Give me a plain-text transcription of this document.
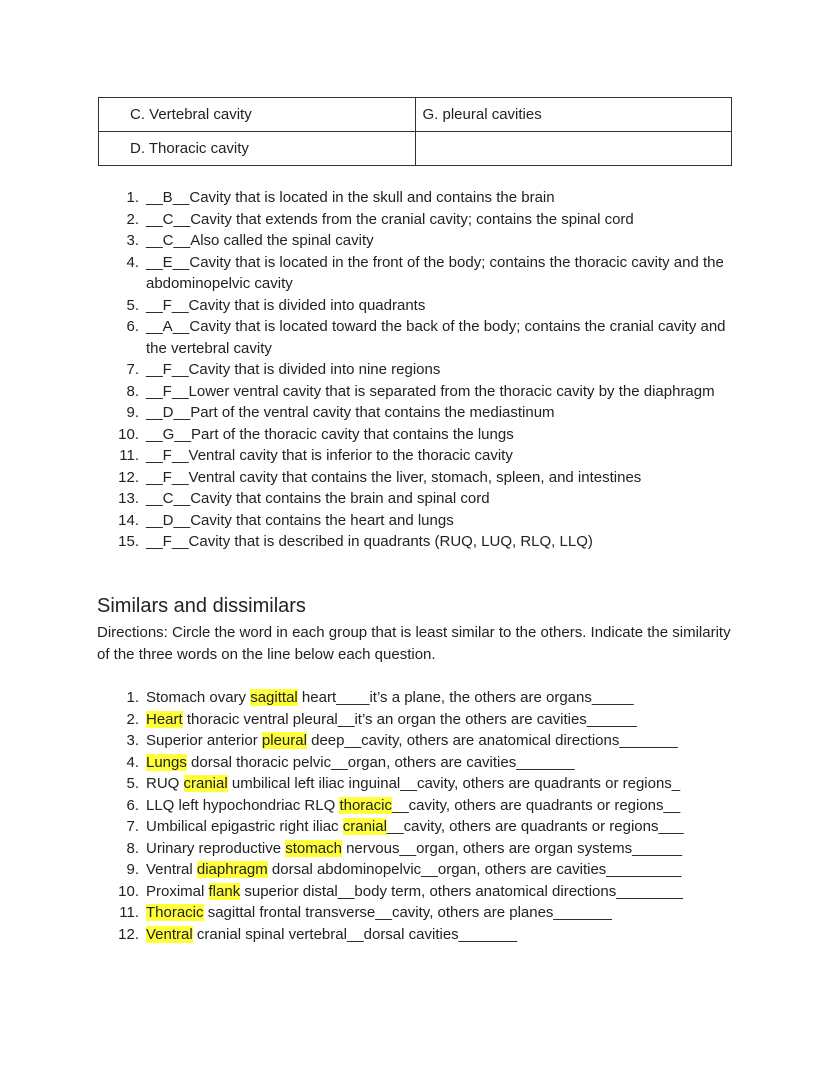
C. Vertebral cavity	G. pleural cavities
D. Thoracic cavity	
1. __B__Cavity that is located in the skull and contains the brain
2. __C__Cavity that extends from the cranial cavity; contains the spinal cord
3. __C__Also called the spinal cavity
4. __E__Cavity that is located in the front of the body; contains the thoracic cavity and the abdominopelvic cavity
5. __F__Cavity that is divided into quadrants
6. __A__Cavity that is located toward the back of the body; contains the cranial cavity and the vertebral cavity
7. __F__Cavity that is divided into nine regions
8. __F__Lower ventral cavity that is separated from the thoracic cavity by the diaphragm
9. __D__Part of the ventral cavity that contains the mediastinum
10. __G__Part of the thoracic cavity that contains the lungs
11. __F__Ventral cavity that is inferior to the thoracic cavity
12. __F__Ventral cavity that contains the liver, stomach, spleen, and intestines
13. __C__Cavity that contains the brain and spinal cord
14. __D__Cavity that contains the heart and lungs
15. __F__Cavity that is described in quadrants (RUQ, LUQ, RLQ, LLQ)
Similars and dissimilars

Directions: Circle the word in each group that is least similar to the others. Indicate the similarity of the three words on the line below each question.

1. Stomach ovary sagittal heart____it’s a plane, the others are organs_____
2. Heart thoracic ventral pleural__it’s an organ the others are cavities______
3. Superior anterior pleural deep__cavity, others are anatomical directions_______
4. Lungs dorsal thoracic pelvic__organ, others are cavities_______
5. RUQ cranial umbilical left iliac inguinal__cavity, others are quadrants or regions_
6. LLQ left hypochondriac RLQ thoracic__cavity, others are quadrants or regions__
7. Umbilical epigastric right iliac cranial__cavity, others are quadrants or regions___
8. Urinary reproductive stomach nervous__organ, others are organ systems______
9. Ventral diaphragm dorsal abdominopelvic__organ, others are cavities_________
10. Proximal flank superior distal__body term, others anatomical directions________
11. Thoracic sagittal frontal transverse__cavity, others are planes_______
12. Ventral cranial spinal vertebral__dorsal cavities_______
